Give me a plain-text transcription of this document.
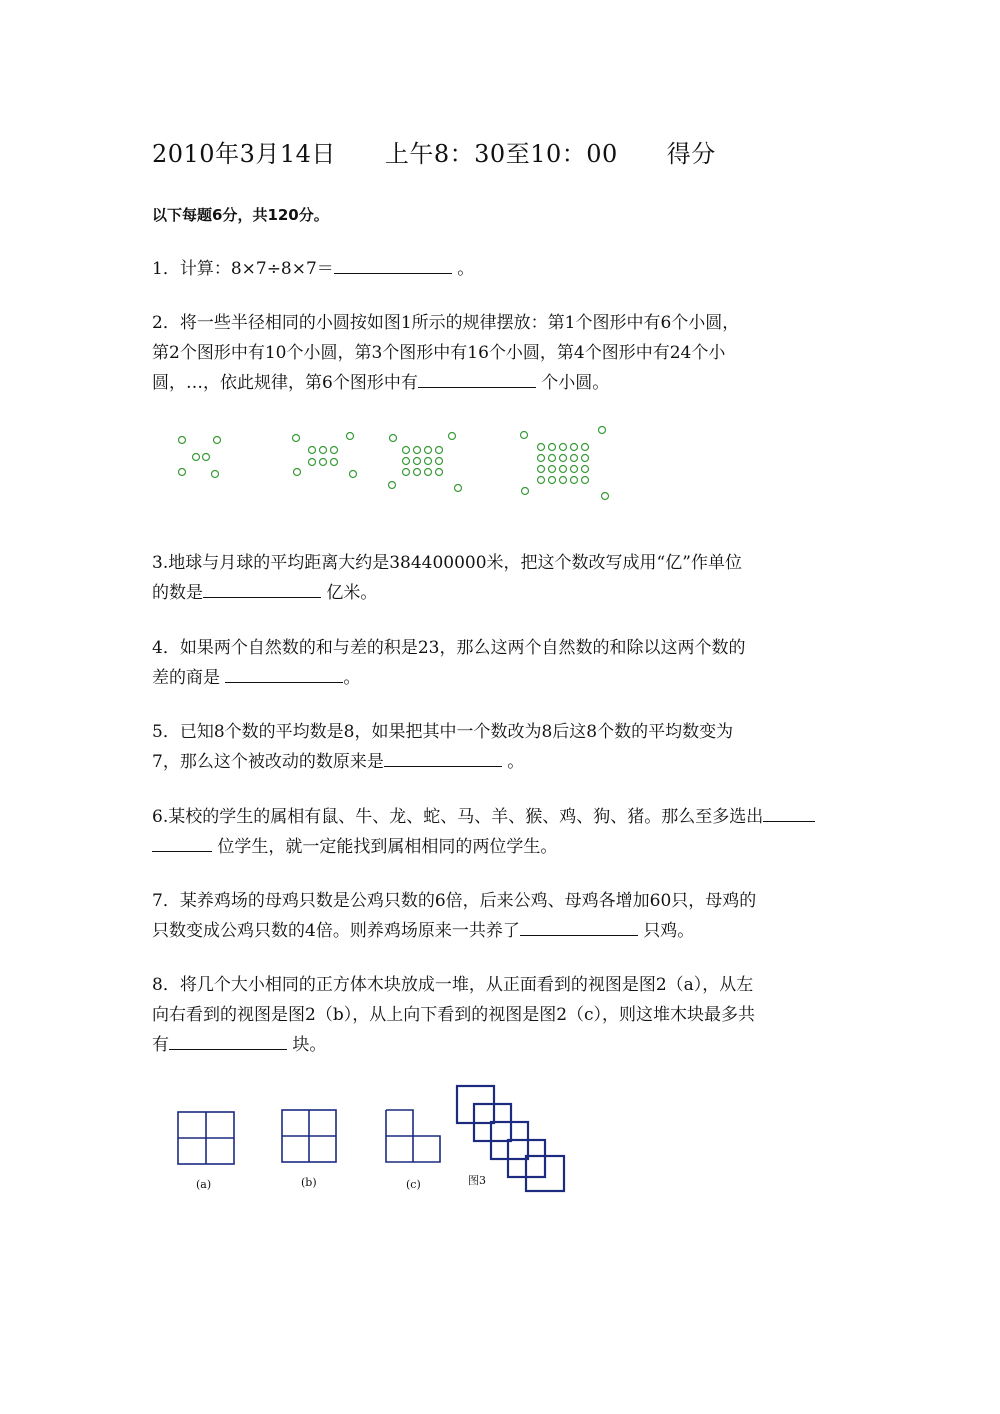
2010年3月14日　　 上午8：30至10：00　　 得分
以下每题6分，共120分。
1．计算：8×7÷8×7＝	。
2．将一些半径相同的小圆按如图1所示的规律摆放：第1个图形中有6个小圆，
第2个图形中有10个小圆，第3个图形中有16个小圆，第4个图形中有24个小
圆，…，依此规律，第6个图形中有	个小圆。
3.地球与月球的平均距离大约是384400000米，把这个数改写成用“亿”作单位
的数是	亿米。
4．如果两个自然数的和与差的积是23，那么这两个自然数的和除以这两个数的
差的商是	。
5．已知8个数的平均数是8，如果把其中一个数改为8后这8个数的平均数变为
7，那么这个被改动的数原来是	。
6.某校的学生的属相有鼠、牛、龙、蛇、马、羊、猴、鸡、狗、猪。那么至多选出
位学生，就一定能找到属相相同的两位学生。
7．某养鸡场的母鸡只数是公鸡只数的6倍，后来公鸡、母鸡各增加60只，母鸡的
只数变成公鸡只数的4倍。则养鸡场原来一共养了	只鸡。
8．将几个大小相同的正方体木块放成一堆，从正面看到的视图是图2（a），从左
向右看到的视图是图2（b），从上向下看到的视图是图2（c），则这堆木块最多共
有	块。
(a)	(b)	(c)	图3
